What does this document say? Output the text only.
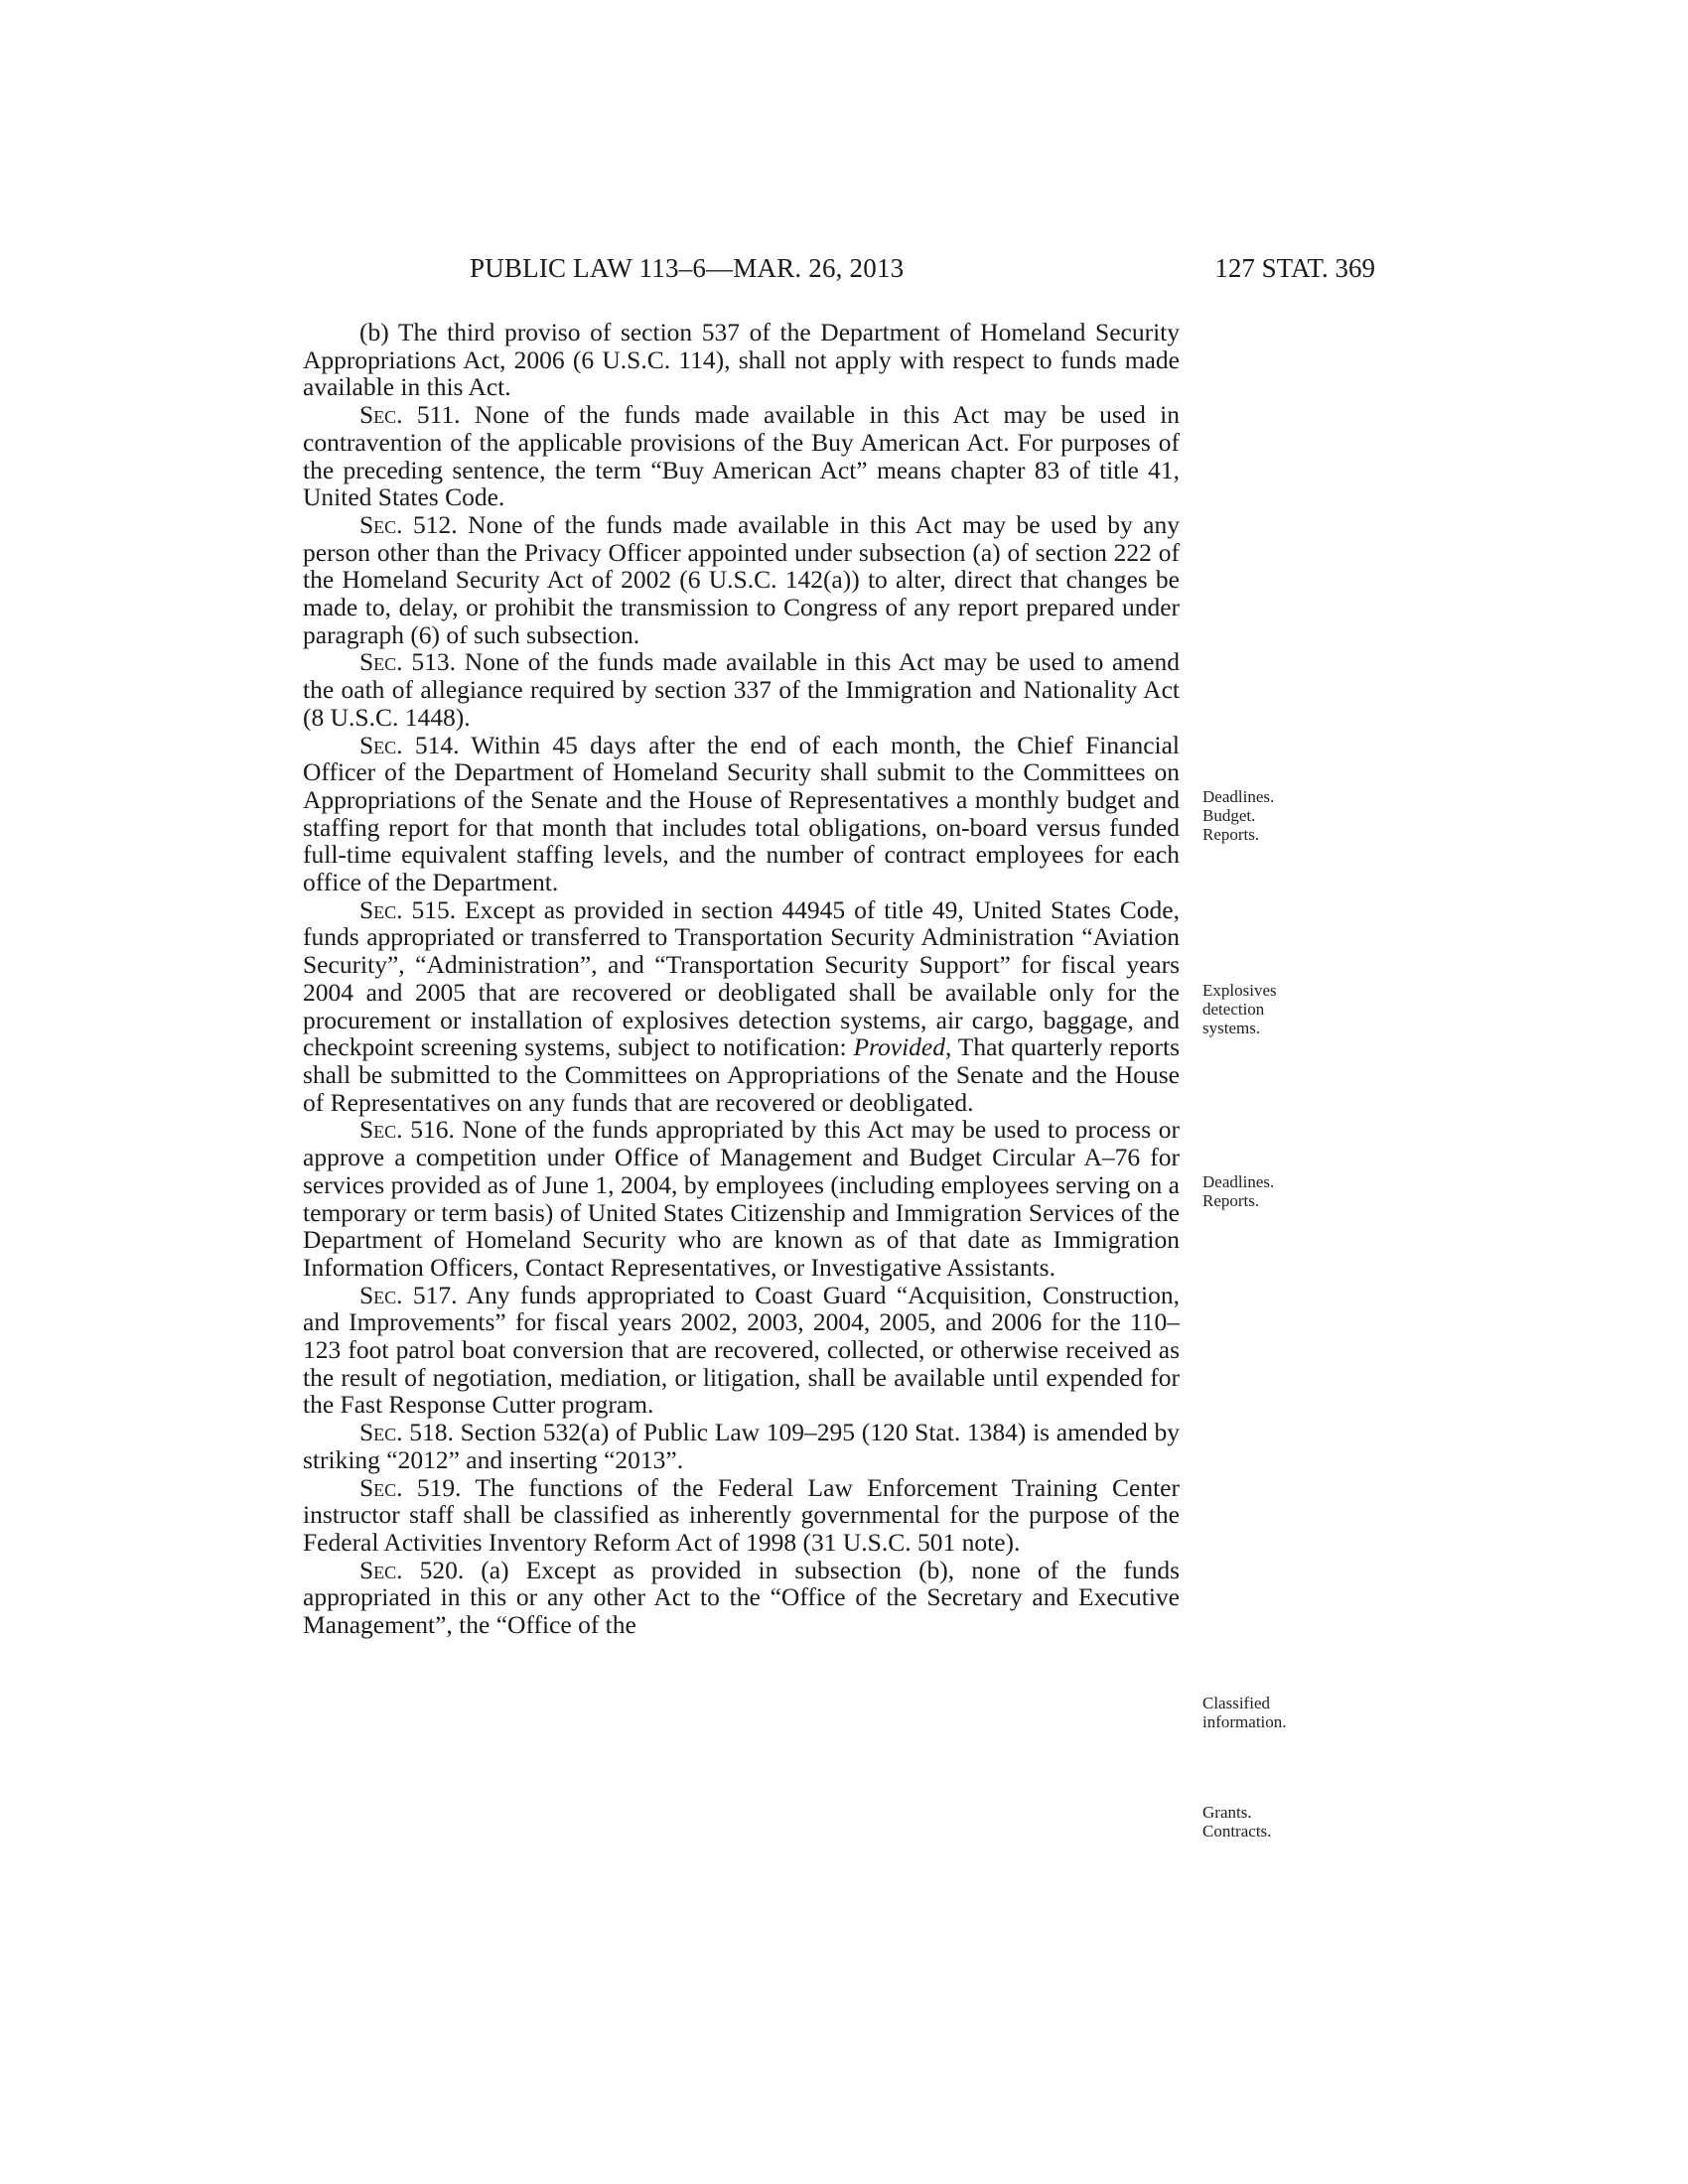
PUBLIC LAW 113–6—MAR. 26, 2013	127 STAT. 369

(b) The third proviso of section 537 of the Department of Homeland Security Appropriations Act, 2006 (6 U.S.C. 114), shall not apply with respect to funds made available in this Act.

Sec. 511. None of the funds made available in this Act may be used in contravention of the applicable provisions of the Buy American Act. For purposes of the preceding sentence, the term “Buy American Act” means chapter 83 of title 41, United States Code.

Sec. 512. None of the funds made available in this Act may be used by any person other than the Privacy Officer appointed under subsection (a) of section 222 of the Homeland Security Act of 2002 (6 U.S.C. 142(a)) to alter, direct that changes be made to, delay, or prohibit the transmission to Congress of any report prepared under paragraph (6) of such subsection.

Sec. 513. None of the funds made available in this Act may be used to amend the oath of allegiance required by section 337 of the Immigration and Nationality Act (8 U.S.C. 1448).

Sec. 514. Within 45 days after the end of each month, the Chief Financial Officer of the Department of Homeland Security shall submit to the Committees on Appropriations of the Senate and the House of Representatives a monthly budget and staffing report for that month that includes total obligations, on-board versus funded full-time equivalent staffing levels, and the number of contract employees for each office of the Department.

Sec. 515. Except as provided in section 44945 of title 49, United States Code, funds appropriated or transferred to Transportation Security Administration “Aviation Security”, “Administration”, and “Transportation Security Support” for fiscal years 2004 and 2005 that are recovered or deobligated shall be available only for the procurement or installation of explosives detection systems, air cargo, baggage, and checkpoint screening systems, subject to notification: Provided, That quarterly reports shall be submitted to the Committees on Appropriations of the Senate and the House of Representatives on any funds that are recovered or deobligated.

Sec. 516. None of the funds appropriated by this Act may be used to process or approve a competition under Office of Management and Budget Circular A–76 for services provided as of June 1, 2004, by employees (including employees serving on a temporary or term basis) of United States Citizenship and Immigration Services of the Department of Homeland Security who are known as of that date as Immigration Information Officers, Contact Representatives, or Investigative Assistants.

Sec. 517. Any funds appropriated to Coast Guard “Acquisition, Construction, and Improvements” for fiscal years 2002, 2003, 2004, 2005, and 2006 for the 110–123 foot patrol boat conversion that are recovered, collected, or otherwise received as the result of negotiation, mediation, or litigation, shall be available until expended for the Fast Response Cutter program.

Sec. 518. Section 532(a) of Public Law 109–295 (120 Stat. 1384) is amended by striking “2012” and inserting “2013”.

Sec. 519. The functions of the Federal Law Enforcement Training Center instructor staff shall be classified as inherently governmental for the purpose of the Federal Activities Inventory Reform Act of 1998 (31 U.S.C. 501 note).

Sec. 520. (a) Except as provided in subsection (b), none of the funds appropriated in this or any other Act to the “Office of the Secretary and Executive Management”, the “Office of the

Deadlines.
Budget.
Reports.
Explosives
detection
systems.
Deadlines.
Reports.
Classified
information.
Grants.
Contracts.
